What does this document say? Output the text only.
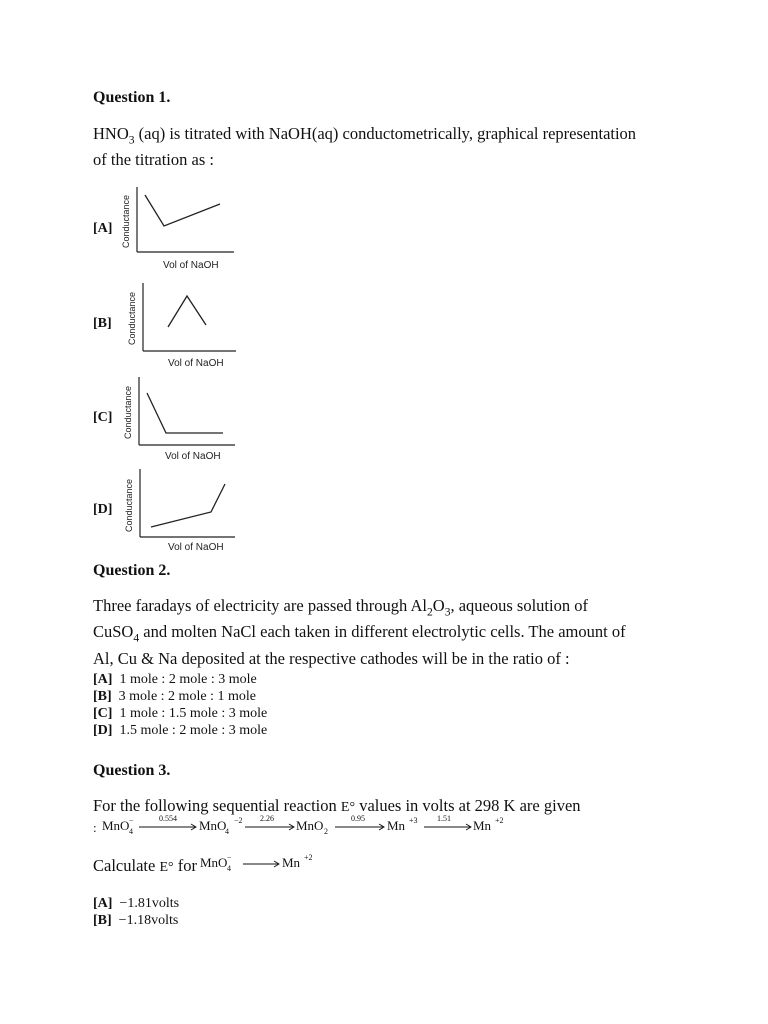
Question 1.
$HNO_3$ (aq) is titrated with NaOH(aq) conductometrically, graphical representation
of the titration as :
[A] Conductance
Vol of NaOH
[B] Conductance
Vol of NaOH
[C] Conductance
Vol of NaOH
[D] Conductance
Vol of NaOH
Question 2.
Three faradays of electricity are passed through $Al_2O_3$, aqueous solution of
CuSO$_4$ and molten NaCl each taken in different electrolytic cells. The amount of
Al, Cu & Na deposited at the respective cathodes will be in the ratio of :
[A] 1 mole : 2 mole : 3 mole
[B] 3 mole : 2 mole : 1 mole
[C] 1 mole : 1.5 mole : 3 mole
[D] 1.5 mole : 2 mole : 3 mole
Question 3.
For the following sequential reaction E° values in volts at 298 K are given
: MnO 4
−	0.554 MnO
4
−2 2.26 MnO 2
0.95 Mn +3 1.51 Mn +2
Calculate E° for MnO 4
−	Mn +2
[A] −1.81volts
[B] −1.18volts
